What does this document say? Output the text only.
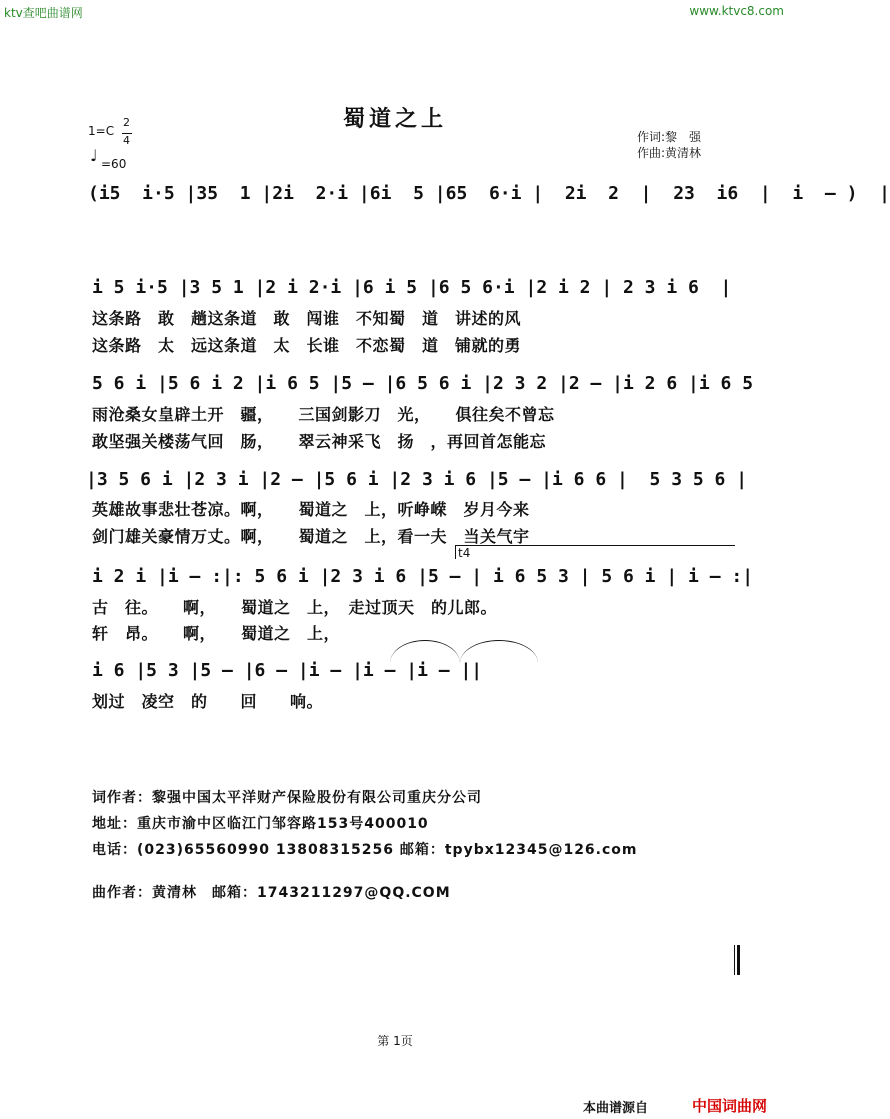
ktv查吧曲谱网	www.ktvc8.com
蜀道之上
1=C
2
4
♩ =60
作词:黎　强
作曲:黄清林
(i5  i·5 |35  1 |2i  2·i |6i  5 |65  6·i |  2i  2  |  23  i6  |  i  – )  |
i 5 i·5 |3 5 1 |2 i 2·i |6 i 5 |6 5 6·i |2 i 2 | 2 3 i 6  |
这条路　敢　趟这条道　敢　闯谁　不知蜀　道　讲述的风
这条路　太　远这条道　太　长谁　不恋蜀　道　铺就的勇
5 6 i |5 6 i 2 |i 6 5 |5 – |6 5 6 i |2 3 2 |2 – |i 2 6 |i 6 5
雨沧桑女皇辟土开　疆，　　三国剑影刀　光，　　俱往矣不曾忘
敢坚强关楼荡气回　肠，　　翠云神采飞　扬　，再回首怎能忘
|3 5 6 i |2 3 i |2 – |5 6 i |2 3 i 6 |5 – |i 6 6 |  5 3 5 6 |
英雄故事悲壮苍凉。啊，　　蜀道之　上，听峥嵘　岁月今来
剑门雄关豪情万丈。啊，　　蜀道之　上，看一夫　当关气宇
t4
i 2 i |i – :|: 5 6 i |2 3 i 6 |5 – | i 6 5 3 | 5 6 i | i – :|
古　往。　　啊，　　蜀道之　上，　走过顶天　的儿郎。
轩　昂。　　啊，　　蜀道之　上，
i 6 |5 3 |5 – |6 – |i – |i – |i – ||
划过　凌空　的　　回　　响。
词作者：黎强中国太平洋财产保险股份有限公司重庆分公司
地址：重庆市渝中区临江门邹容路153号400010
电话：(023)65560990 13808315256 邮箱：tpybx12345@126.com
曲作者：黄清林　邮箱：1743211297@QQ.COM
第 1页
本曲谱源自	中国词曲网
